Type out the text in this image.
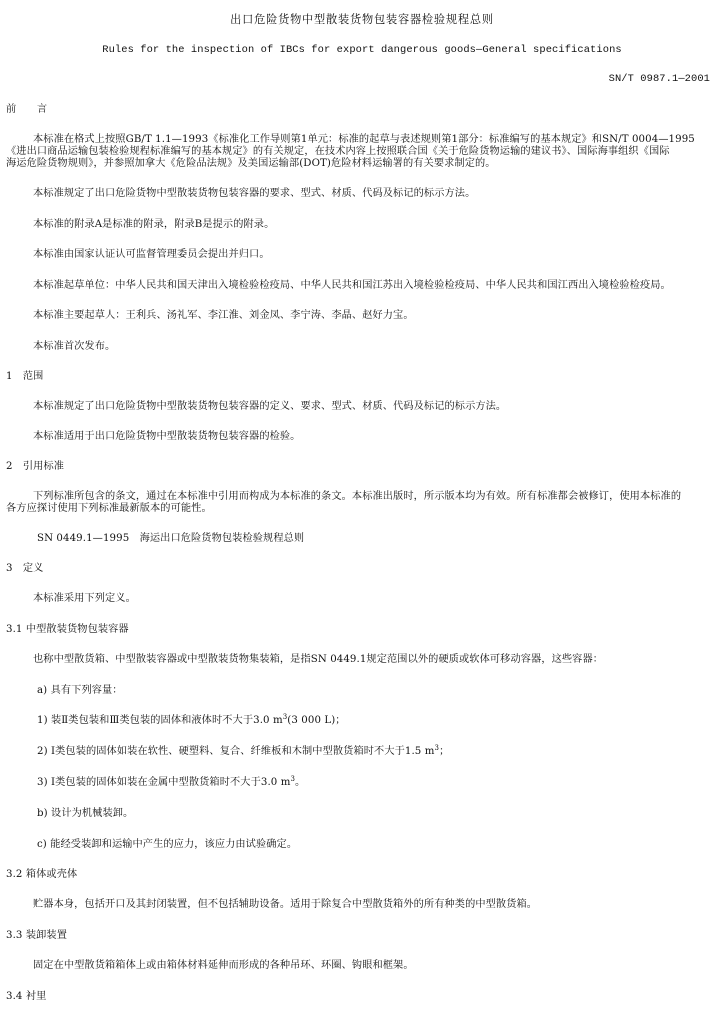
出口危险货物中型散装货物包装容器检验规程总则
Rules for the inspection of IBCs for export dangerous goods—General specifications
SN/T 0987.1—2001
前　　言
本标准在格式上按照GB/T 1.1—1993《标准化工作导则第1单元：标准的起草与表述规则第1部分：标准编写的基本规定》和SN/T 0004—1995
《进出口商品运输包装检验规程标准编写的基本规定》的有关规定，在技术内容上按照联合国《关于危险货物运输的建议书》、国际海事组织《国际
海运危险货物规则》，并参照加拿大《危险品法规》及美国运输部(DOT)危险材料运输署的有关要求制定的。
本标准规定了出口危险货物中型散装货物包装容器的要求、型式、材质、代码及标记的标示方法。
本标准的附录A是标准的附录，附录B是提示的附录。
本标准由国家认证认可监督管理委员会提出并归口。
本标准起草单位：中华人民共和国天津出入境检验检疫局、中华人民共和国江苏出入境检验检疫局、中华人民共和国江西出入境检验检疫局。
本标准主要起草人：王利兵、汤礼军、李江淮、刘金凤、李宁涛、李晶、赵好力宝。
本标准首次发布。
1　范围
本标准规定了出口危险货物中型散装货物包装容器的定义、要求、型式、材质、代码及标记的标示方法。
本标准适用于出口危险货物中型散装货物包装容器的检验。
2　引用标准
下列标准所包含的条文，通过在本标准中引用而构成为本标准的条文。本标准出版时，所示版本均为有效。所有标准都会被修订，使用本标准的
各方应探讨使用下列标准最新版本的可能性。
SN 0449.1—1995　海运出口危险货物包装检验规程总则
3　定义
本标准采用下列定义。
3.1 中型散装货物包装容器
也称中型散货箱、中型散装容器或中型散装货物集装箱，是指SN 0449.1规定范围以外的硬质或软体可移动容器，这些容器：
a) 具有下列容量：
1) 装Ⅱ类包装和Ⅲ类包装的固体和液体时不大于3.0 $m^3(3$ 000 L)；
2) Ⅰ类包装的固体如装在软性、硬塑料、复合、纤维板和木制中型散货箱时不大于1.5 $m^3$；
3) Ⅰ类包装的固体如装在金属中型散货箱时不大于3.0 $m^3$。
b) 设计为机械装卸。
c) 能经受装卸和运输中产生的应力，该应力由试验确定。
3.2 箱体或壳体
贮器本身，包括开口及其封闭装置，但不包括辅助设备。适用于除复合中型散货箱外的所有种类的中型散货箱。
3.3 装卸装置
固定在中型散货箱箱体上或由箱体材料延伸而形成的各种吊环、环圈、钩眼和框架。
3.4 衬里
